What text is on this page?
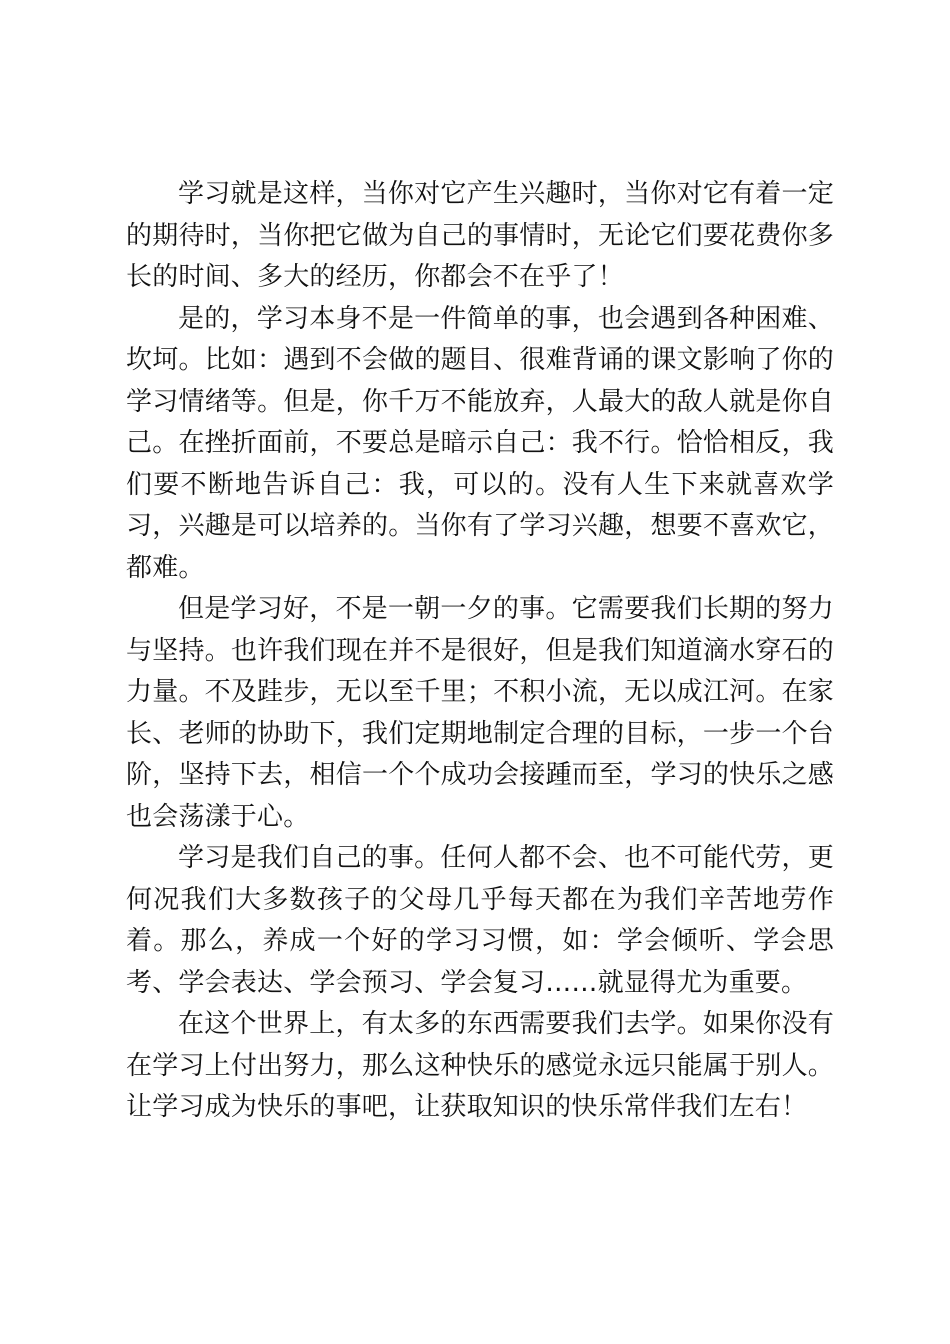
学习就是这样，当你对它产生兴趣时，当你对它有着一定的期待时，当你把它做为自己的事情时，无论它们要花费你多长的时间、多大的经历，你都会不在乎了！

是的，学习本身不是一件简单的事，也会遇到各种困难、坎坷。比如：遇到不会做的题目、很难背诵的课文影响了你的学习情绪等。但是，你千万不能放弃，人最大的敌人就是你自己。在挫折面前，不要总是暗示自己：我不行。恰恰相反，我们要不断地告诉自己：我，可以的。没有人生下来就喜欢学习，兴趣是可以培养的。当你有了学习兴趣，想要不喜欢它，都难。

但是学习好，不是一朝一夕的事。它需要我们长期的努力与坚持。也许我们现在并不是很好，但是我们知道滴水穿石的力量。不及跬步，无以至千里；不积小流，无以成江河。在家长、老师的协助下，我们定期地制定合理的目标，一步一个台阶，坚持下去，相信一个个成功会接踵而至，学习的快乐之感也会荡漾于心。

学习是我们自己的事。任何人都不会、也不可能代劳，更何况我们大多数孩子的父母几乎每天都在为我们辛苦地劳作着。那么，养成一个好的学习习惯，如：学会倾听、学会思考、学会表达、学会预习、学会复习……就显得尤为重要。

在这个世界上，有太多的东西需要我们去学。如果你没有在学习上付出努力，那么这种快乐的感觉永远只能属于别人。让学习成为快乐的事吧，让获取知识的快乐常伴我们左右！
